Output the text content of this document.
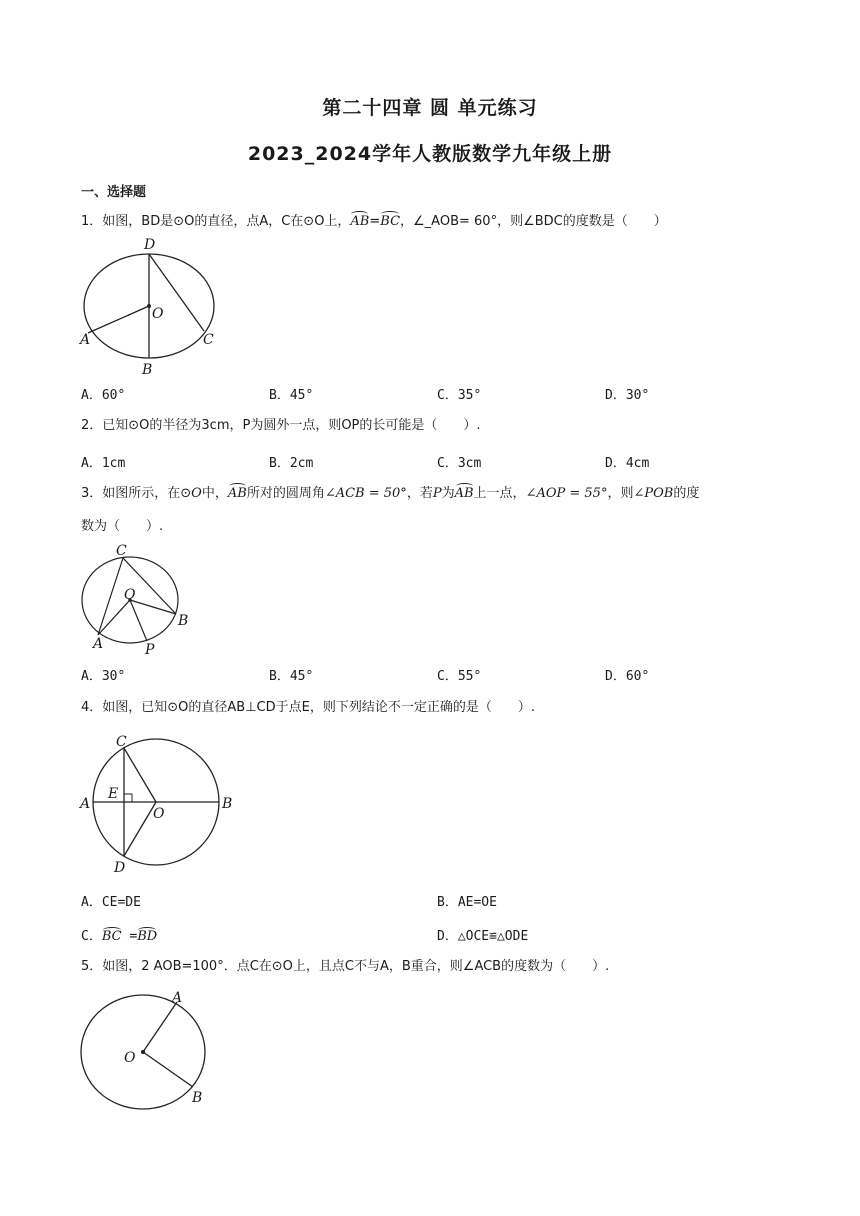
第二十四章 圆 单元练习
2023_2024学年人教版数学九年级上册
一、选择题
1．如图，BD是⊙O的直径，点A，C在⊙O上，AB=BC，∠_AOB= 60°，则∠BDC的度数是（　　）
D
O
A
B
C
A．60°	B．45°	C．35°	D．30°
2．已知⊙O的半径为3cm，P为圆外一点，则OP的长可能是（　　）.
A．1cm	B．2cm	C．3cm	D．4cm
3．如图所示，在⊙O中，AB所对的圆周角∠ACB = 50°，若P为AB上一点，∠AOP = 55°，则∠POB的度
数为（　　）.
C
O
A
B
P
A．30°	B．45°	C．55°	D．60°
4．如图，已知⊙O的直径AB⊥CD于点E，则下列结论不一定正确的是（　　）.
C
E
A
O
B
D
A．CE=DE	B．AE=OE
C．BC =BD	D．△OCE≌△ODE
5．如图，2 AOB=100°．点C在⊙O上，且点C不与A，B重合，则∠ACB的度数为（　　）.
A
O
B
